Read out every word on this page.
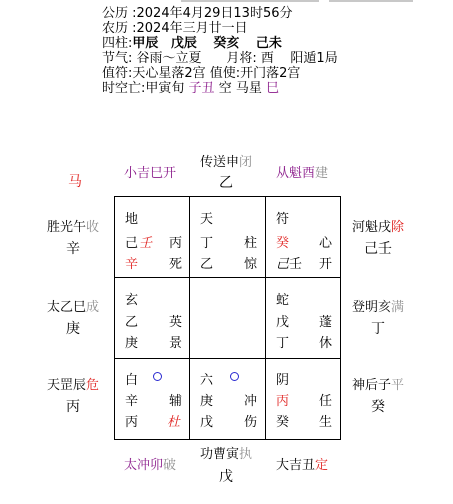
公历 :2024年4月29日13时56分
农历 :2024年三月廿一日
四柱:甲辰 戊辰 癸亥 己未
节气: 谷雨～立夏 月将: 酉 阳遁1局
值符:天心星落2宫 值使:开门落2宫
时空亡:甲寅旬 子丑 空 马星 巳
马
小吉巳开
传送申闭
乙
从魁酉建
胜光午收
辛
太乙巳成
庚
天罡辰危
丙
河魁戌除
己壬
登明亥满
丁
神后子平
癸
太冲卯破
功曹寅执
戊
大吉丑定
地
己 壬 丙
辛 死
天
丁 柱
乙 惊
符
癸 心
己 壬 开
玄
乙 英
庚 景
蛇
戊 蓬
丁 休
白
辛 辅
丙 杜
六
庚 冲
戊 伤
阴
丙 任
癸 生
